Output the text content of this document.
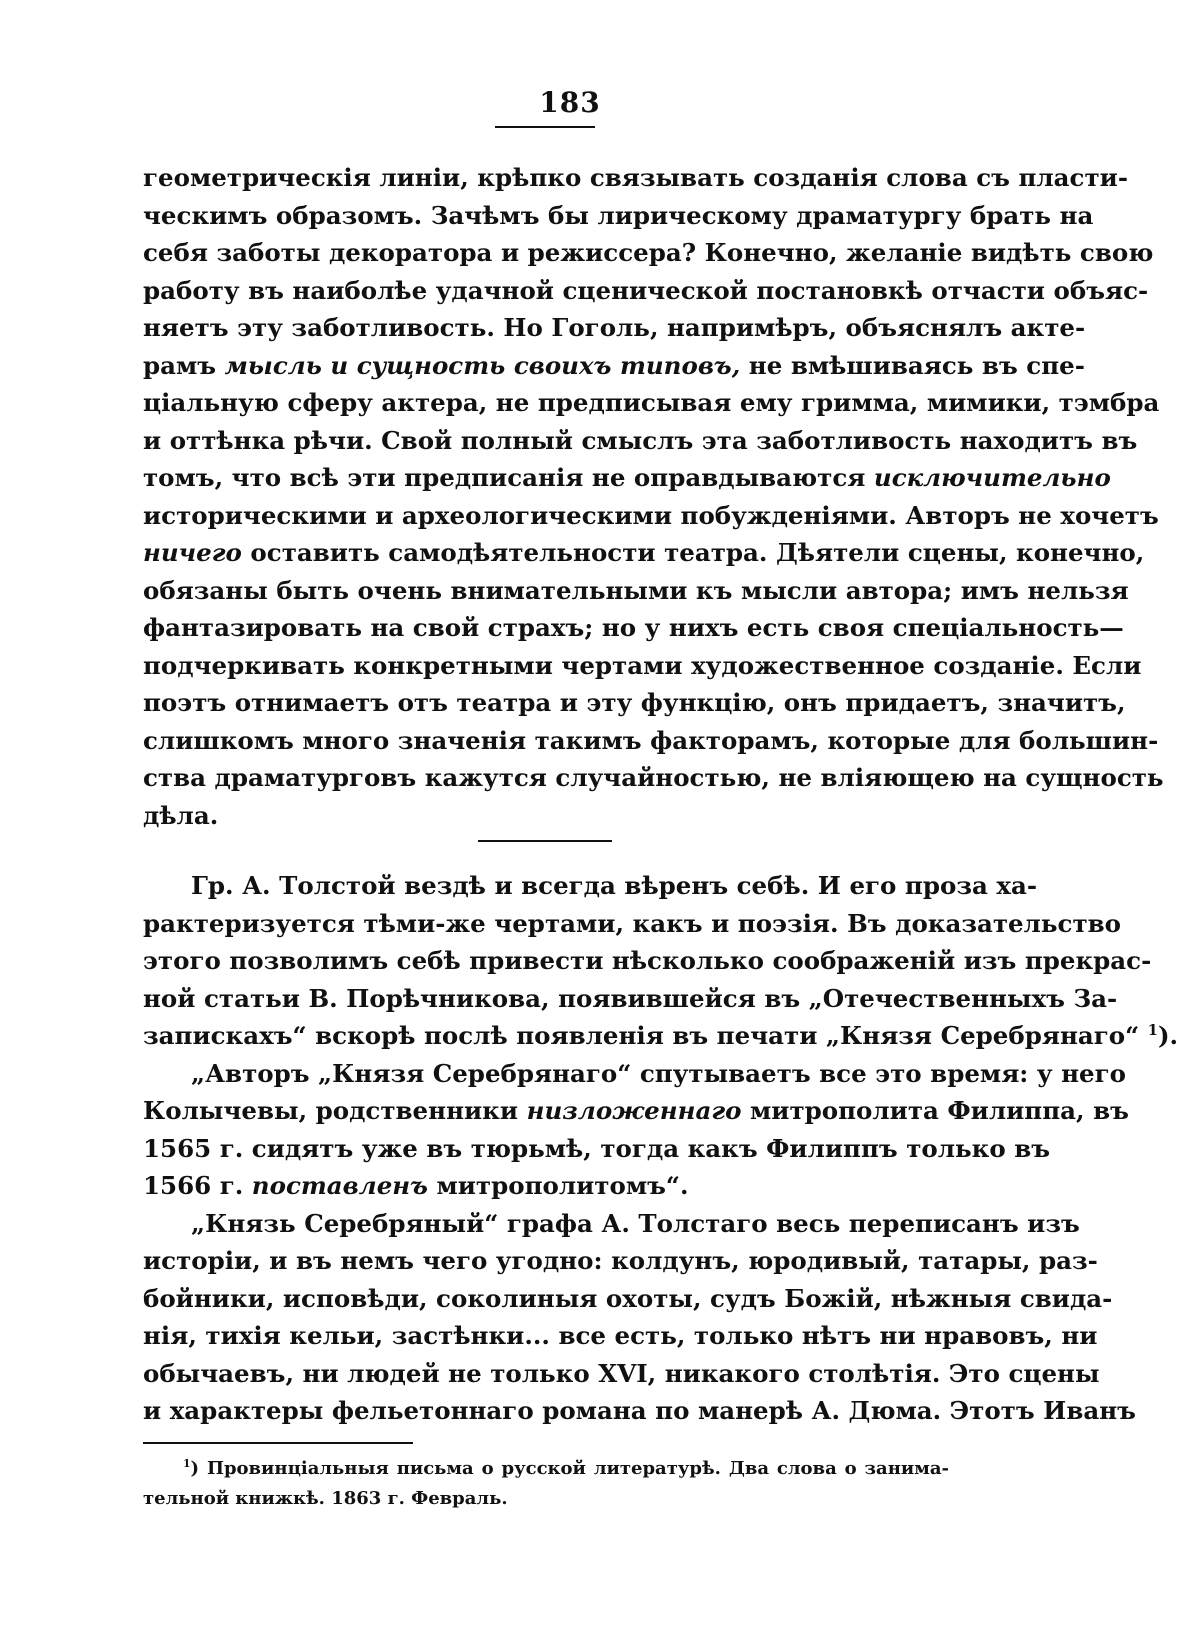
183
геометрическія линіи, крѣпко связывать созданія слова съ пласти-
ческимъ образомъ. Зачѣмъ бы лирическому драматургу брать на
себя заботы декоратора и режиссера? Конечно, желаніе видѣть свою
работу въ наиболѣе удачной сценической постановкѣ отчасти объяс-
няетъ эту заботливость. Но Гоголь, напримѣръ, объяснялъ акте-
рамъ мысль и сущность своихъ типовъ, не вмѣшиваясь въ спе-
ціальную сферу актера, не предписывая ему гримма, мимики, тэмбра
и оттѣнка рѣчи. Свой полный смыслъ эта заботливость находитъ въ
томъ, что всѣ эти предписанія не оправдываются исключительно
историческими и археологическими побужденіями. Авторъ не хочетъ
ничего оставить самодѣятельности театра. Дѣятели сцены, конечно,
обязаны быть очень внимательными къ мысли автора; имъ нельзя
фантазировать на свой страхъ; но у нихъ есть своя спеціальность—
подчеркивать конкретными чертами художественное созданіе. Если
поэтъ отнимаетъ отъ театра и эту функцію, онъ придаетъ, значитъ,
слишкомъ много значенія такимъ факторамъ, которые для большин-
ства драматурговъ кажутся случайностью, не вліяющею на сущность
дѣла.
Гр. А. Толстой вездѣ и всегда вѣренъ себѣ. И его проза ха-
рактеризуется тѣми-же чертами, какъ и поэзія. Въ доказательство
этого позволимъ себѣ привести нѣсколько соображеній изъ прекрас-
ной статьи В. Порѣчникова, появившейся въ „Отечественныхъ За-
запискахъ“ вскорѣ послѣ появленія въ печати „Князя Серебрянаго“ $^1$).
„Авторъ „Князя Серебрянаго“ спутываетъ все это время: у него
Колычевы, родственники низложеннаго митрополита Филиппа, въ
1565 г. сидятъ уже въ тюрьмѣ, тогда какъ Филиппъ только въ
1566 г. поставленъ митрополитомъ“.
„Князь Серебряный“ графа А. Толстаго весь переписанъ изъ
исторіи, и въ немъ чего угодно: колдунъ, юродивый, татары, раз-
бойники, исповѣди, соколиныя охоты, судъ Божій, нѣжныя свида-
нія, тихія кельи, застѣнки... все есть, только нѣтъ ни нравовъ, ни
обычаевъ, ни людей не только XVI, никакого столѣтія. Это сцены
и характеры фельетоннаго романа по манерѣ А. Дюма. Этотъ Иванъ
$^1$) Провинціальныя письма о русской литературѣ. Два слова о занима-
тельной книжкѣ. 1863 г. Февраль.
